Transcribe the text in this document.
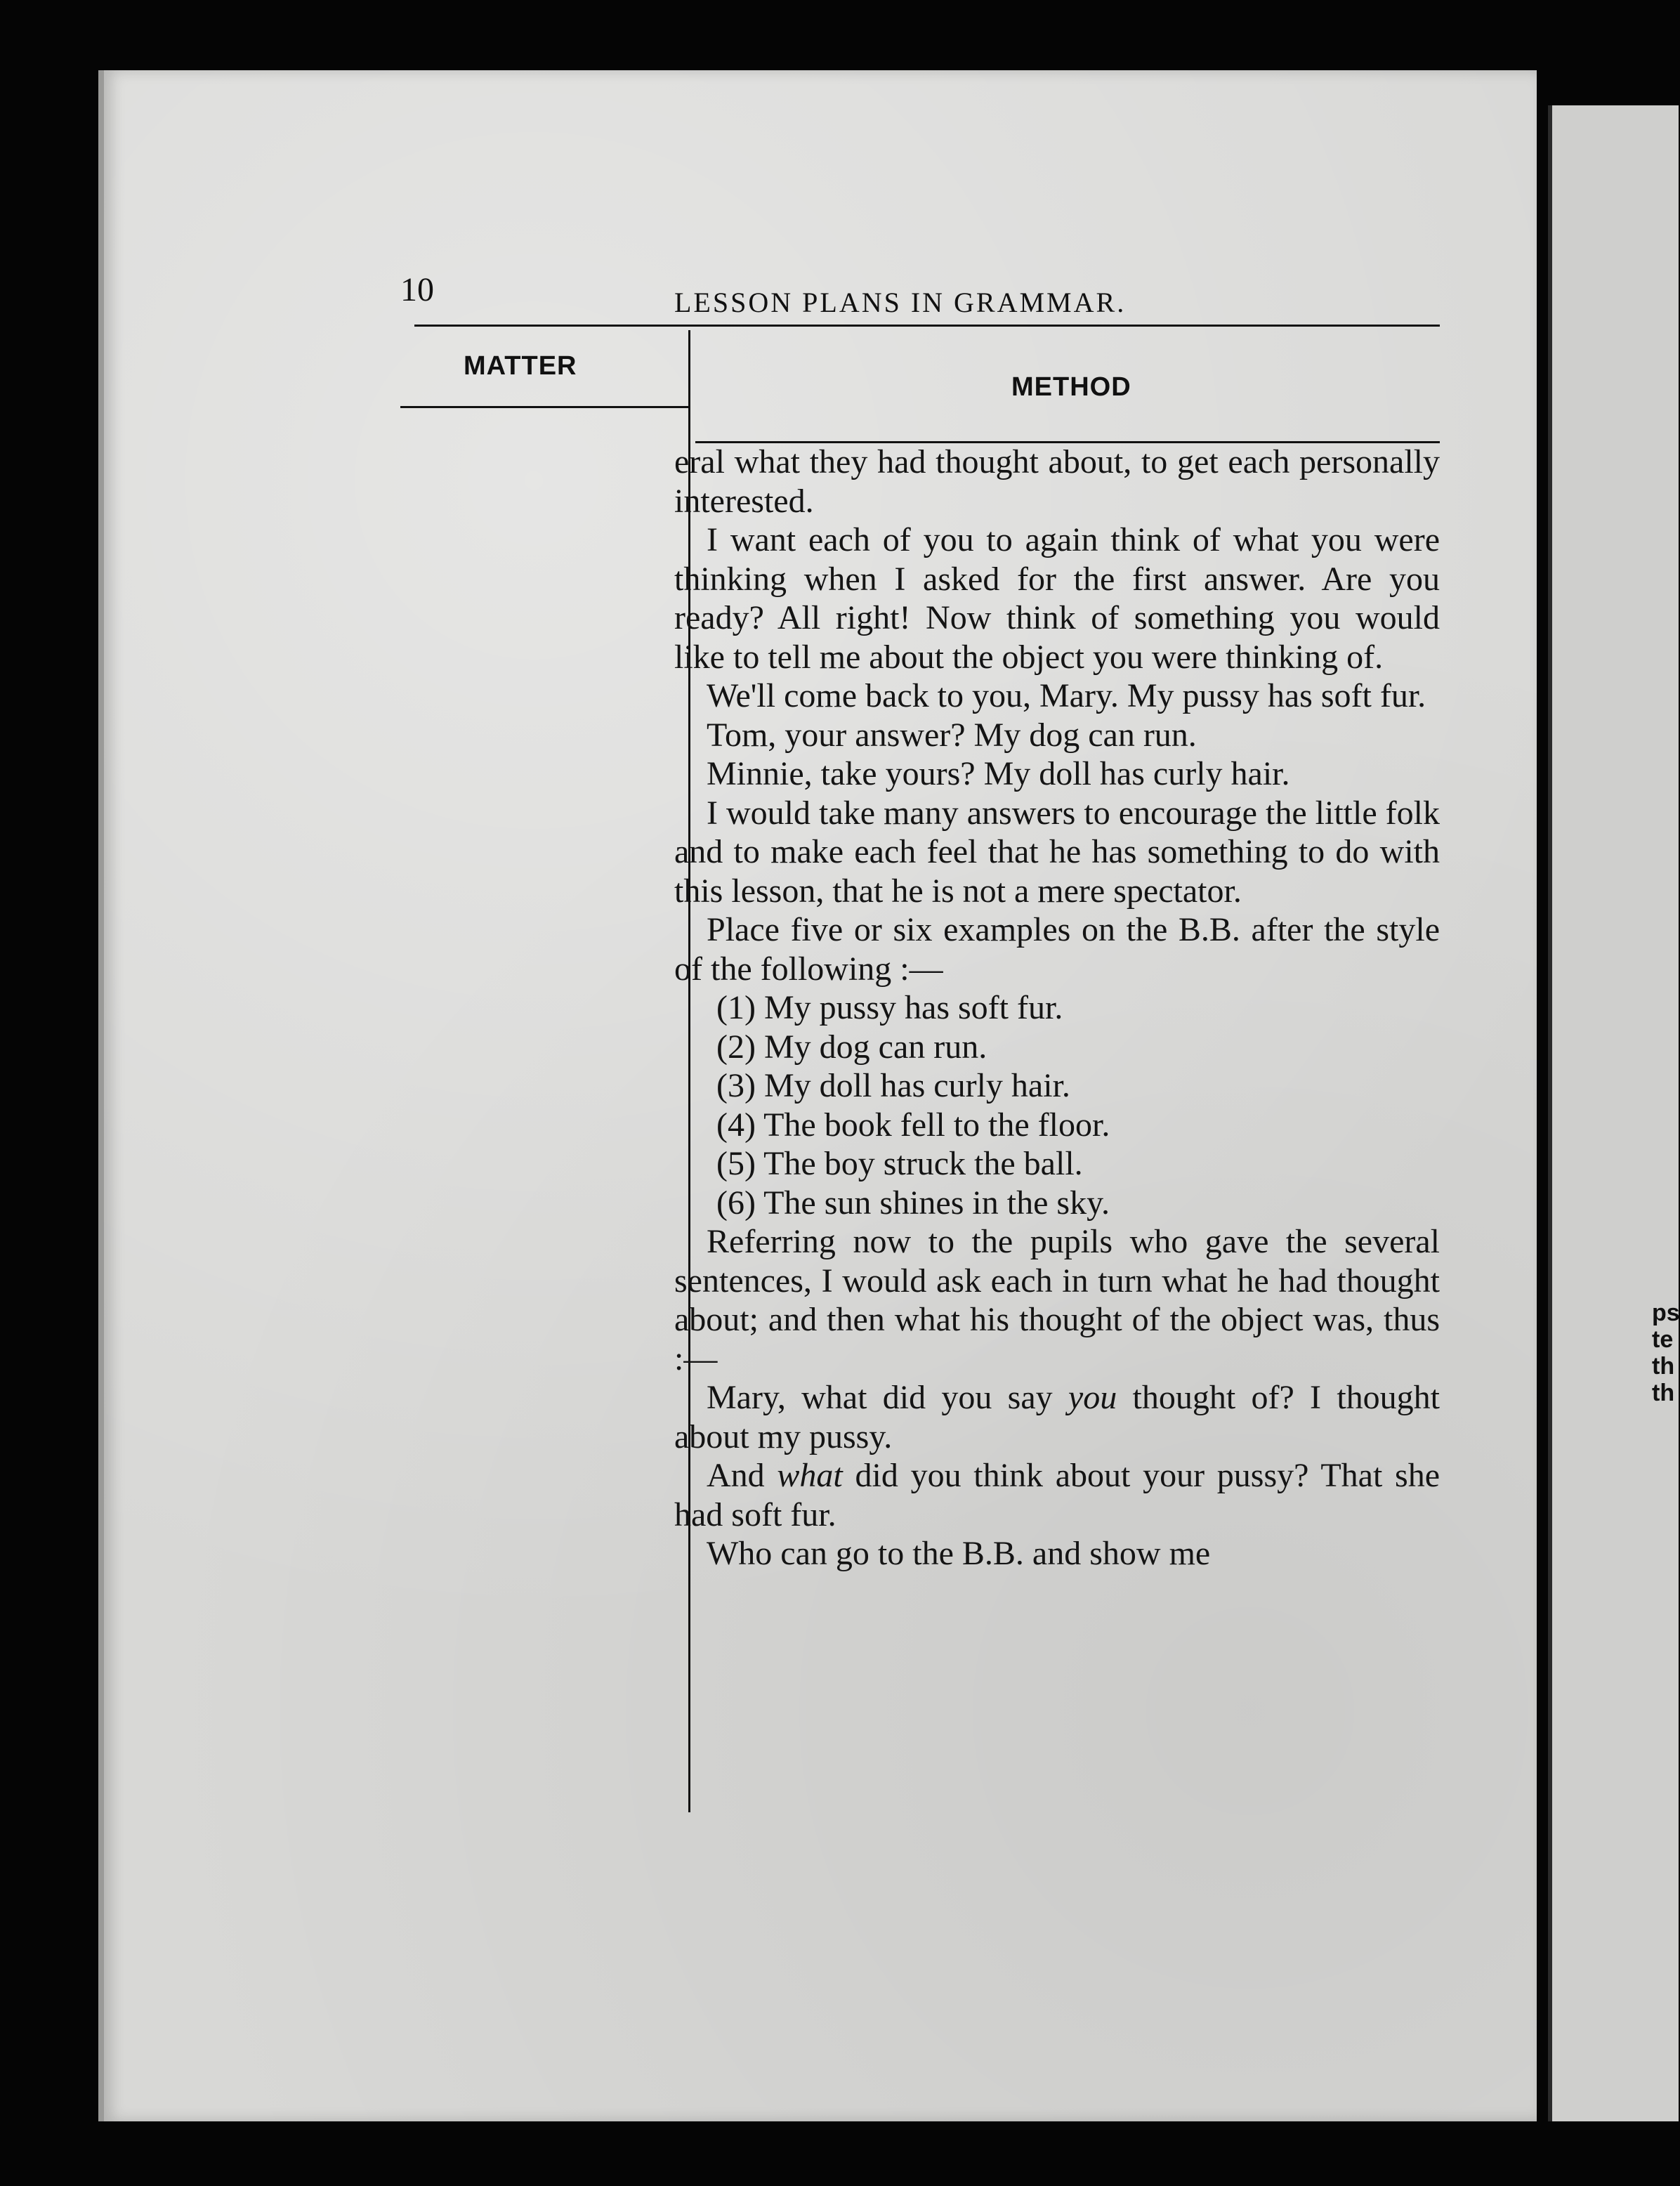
ps
te
th
th
10	LESSON PLANS IN GRAMMAR.
MATTER
METHOD

eral what they had thought about, to get each personally interested.

I want each of you to again think of what you were thinking when I asked for the first answer. Are you ready? All right! Now think of something you would like to tell me about the object you were thinking of.

We'll come back to you, Mary. My pussy has soft fur.

Tom, your answer? My dog can run.

Minnie, take yours? My doll has curly hair.

I would take many answers to encourage the little folk and to make each feel that he has something to do with this lesson, that he is not a mere spectator.

Place five or six examples on the B.B. after the style of the following :—

(1) My pussy has soft fur.

(2) My dog can run.

(3) My doll has curly hair.

(4) The book fell to the floor.

(5) The boy struck the ball.

(6) The sun shines in the sky.

Referring now to the pupils who gave the several sentences, I would ask each in turn what he had thought about; and then what his thought of the object was, thus :—

Mary, what did you say you thought of? I thought about my pussy.

And what did you think about your pussy? That she had soft fur.

Who can go to the B.B. and show me
